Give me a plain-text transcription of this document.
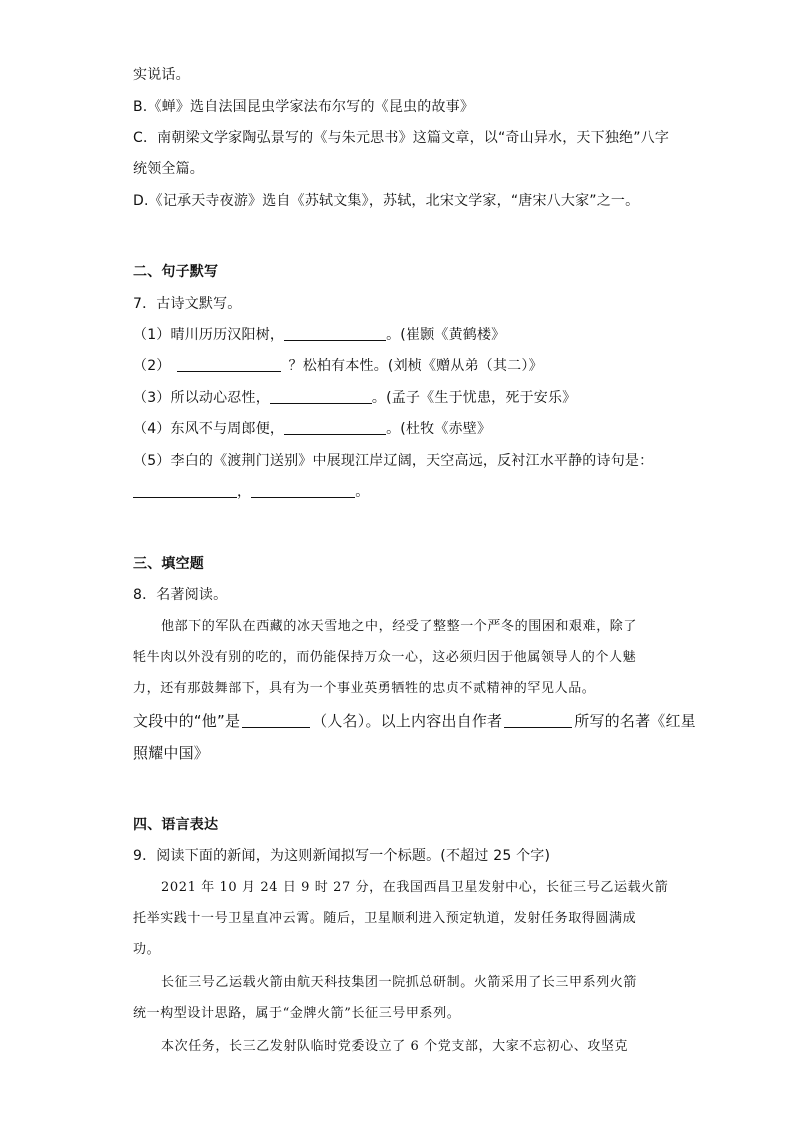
实说话。
B.《蝉》选自法国昆虫学家法布尔写的《昆虫的故事》
C．南朝梁文学家陶弘景写的《与朱元思书》这篇文章，以“奇山异水，天下独绝”八字
统领全篇。
D.《记承天寺夜游》选自《苏轼文集》，苏轼，北宋文学家，“唐宋八大家”之一。
二、句子默写
7．古诗文默写。
（1）晴川历历汉阳树，	。(崔颢《黄鹤楼》
（2）	？松柏有本性。(刘桢《赠从弟（其二）》
（3）所以动心忍性，	。(孟子《生于忧患，死于安乐》
（4）东风不与周郎便，	。(杜牧《赤壁》
（5）李白的《渡荆门送别》中展现江岸辽阔，天空高远，反衬江水平静的诗句是：
，	。
三、填空题
8．名著阅读。
他部下的军队在西藏的冰天雪地之中，经受了整整一个严冬的围困和艰难，除了
牦牛肉以外没有别的吃的，而仍能保持万众一心，这必须归因于他属领导人的个人魅
力，还有那鼓舞部下，具有为一个事业英勇牺牲的忠贞不贰精神的罕见人品。
文段中的“他”是	（人名）。以上内容出自作者	所写的名著《红星
照耀中国》
四、语言表达
9．阅读下面的新闻，为这则新闻拟写一个标题。(不超过 25 个字)
2021 年 10 月 24 日 9 时 27 分，在我国西昌卫星发射中心，长征三号乙运载火箭
托举实践十一号卫星直冲云霄。随后，卫星顺利进入预定轨道，发射任务取得圆满成
功。
长征三号乙运载火箭由航天科技集团一院抓总研制。火箭采用了长三甲系列火箭
统一构型设计思路，属于“金牌火箭”长征三号甲系列。
本次任务，长三乙发射队临时党委设立了 6 个党支部，大家不忘初心、攻坚克
